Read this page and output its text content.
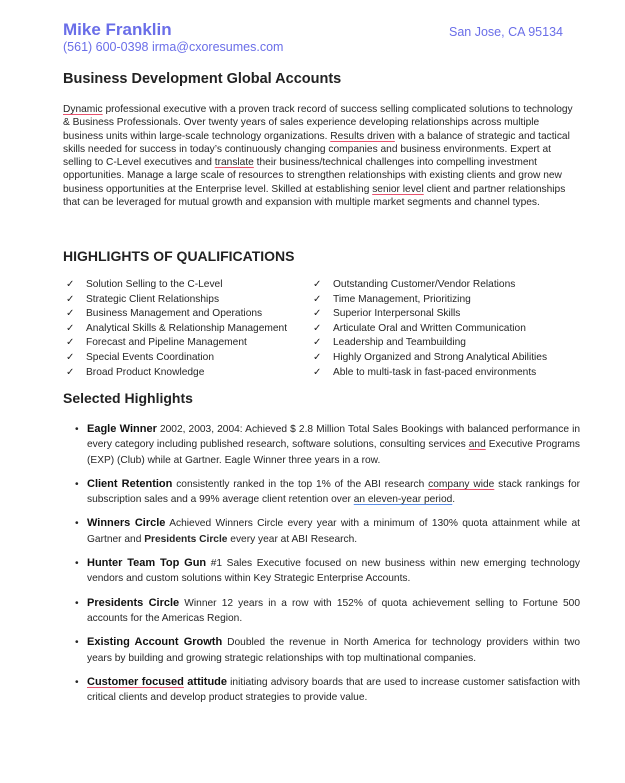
Mike Franklin	San Jose, CA 95134
(561) 600-0398 irma@cxoresumes.com
Business Development Global Accounts
Dynamic professional executive with a proven track record of success selling complicated solutions to technology & Business Professionals. Over twenty years of sales experience developing relationships across multiple business units within large-scale technology organizations. Results driven with a balance of strategic and tactical skills needed for success in today’s continuously changing companies and business environments. Expert at selling to C-Level executives and translate their business/technical challenges into compelling investment opportunities. Manage a large scale of resources to strengthen relationships with existing clients and grow new business opportunities at the Enterprise level. Skilled at establishing senior level client and partner relationships that can be leveraged for mutual growth and expansion with multiple market segments and channel types.
HIGHLIGHTS OF QUALIFICATIONS
✓	Solution Selling to the C-Level
✓	Strategic Client Relationships
✓	Business Management and Operations
✓	Analytical Skills & Relationship Management
✓	Forecast and Pipeline Management
✓	Special Events Coordination
✓	Broad Product Knowledge
✓	Outstanding Customer/Vendor Relations
✓	Time Management, Prioritizing
✓	Superior Interpersonal Skills
✓	Articulate Oral and Written Communication
✓	Leadership and Teambuilding
✓	Highly Organized and Strong Analytical Abilities
✓	Able to multi-task in fast-paced environments
Selected Highlights
• Eagle Winner 2002, 2003, 2004: Achieved $ 2.8 Million Total Sales Bookings with balanced performance in every category including published research, software solutions, consulting services and Executive Programs (EXP) (Club) while at Gartner. Eagle Winner three years in a row.
• Client Retention consistently ranked in the top 1% of the ABI research company wide stack rankings for subscription sales and a 99% average client retention over an eleven-year period.
• Winners Circle Achieved Winners Circle every year with a minimum of 130% quota attainment while at Gartner and Presidents Circle every year at ABI Research.
• Hunter Team Top Gun #1 Sales Executive focused on new business within new emerging technology vendors and custom solutions within Key Strategic Enterprise Accounts.
• Presidents Circle Winner 12 years in a row with 152% of quota achievement selling to Fortune 500 accounts for the Americas Region.
• Existing Account Growth Doubled the revenue in North America for technology providers within two years by building and growing strategic relationships with top multinational companies.
• Customer focused attitude initiating advisory boards that are used to increase customer satisfaction with critical clients and develop product strategies to provide value.
